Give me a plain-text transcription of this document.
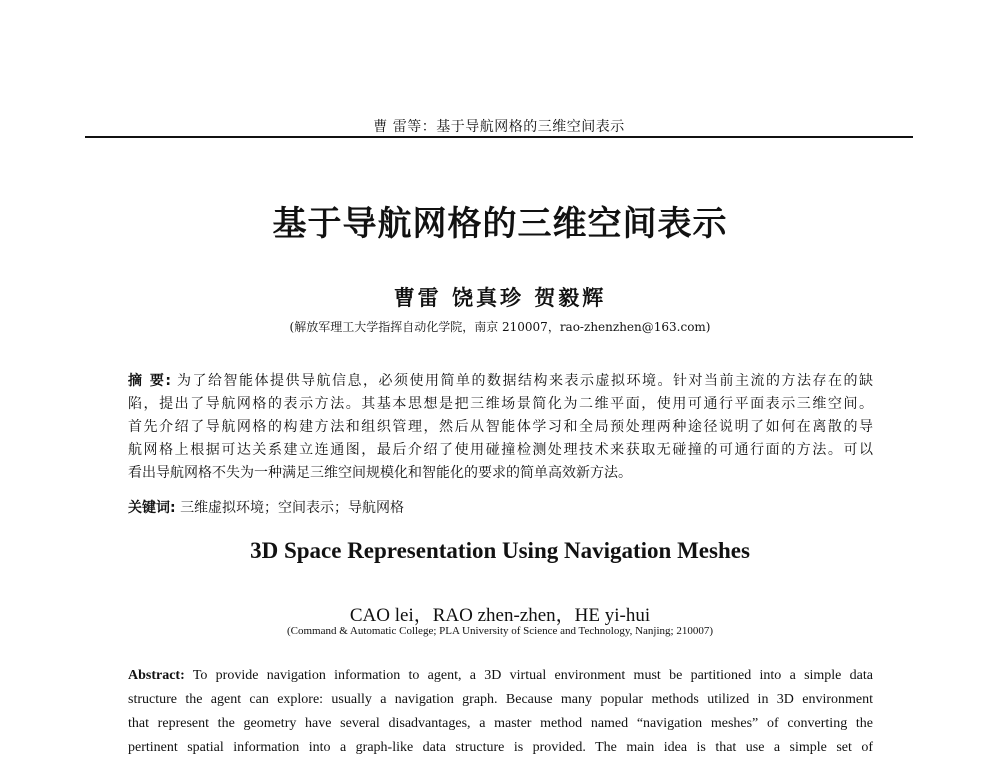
曹 雷等：基于导航网格的三维空间表示
基于导航网格的三维空间表示
曹雷 饶真珍 贺毅辉
(解放军理工大学指挥自动化学院，南京 210007，rao-zhenzhen@163.com)
摘 要: 为了给智能体提供导航信息，必须使用简单的数据结构来表示虚拟环境。针对当前主流的方法存在的缺
陷，提出了导航网格的表示方法。其基本思想是把三维场景简化为二维平面，使用可通行平面表示三维空间。
首先介绍了导航网格的构建方法和组织管理，然后从智能体学习和全局预处理两种途径说明了如何在离散的导
航网格上根据可达关系建立连通图，最后介绍了使用碰撞检测处理技术来获取无碰撞的可通行面的方法。可以
看出导航网格不失为一种满足三维空间规模化和智能化的要求的简单高效新方法。
关键词: 三维虚拟环境；空间表示；导航网格
3D Space Representation Using Navigation Meshes
CAO lei，RAO zhen-zhen，HE yi-hui
(Command & Automatic College; PLA University of Science and Technology, Nanjing; 210007)
Abstract: To provide navigation information to agent, a 3D virtual environment must be partitioned into a simple data
structure the agent can explore: usually a navigation graph. Because many popular methods utilized in 3D environment
that represent the geometry have several disadvantages, a master method named “navigation meshes” of converting the
pertinent spatial information into a graph-like data structure is provided. The main idea is that use a simple set of
